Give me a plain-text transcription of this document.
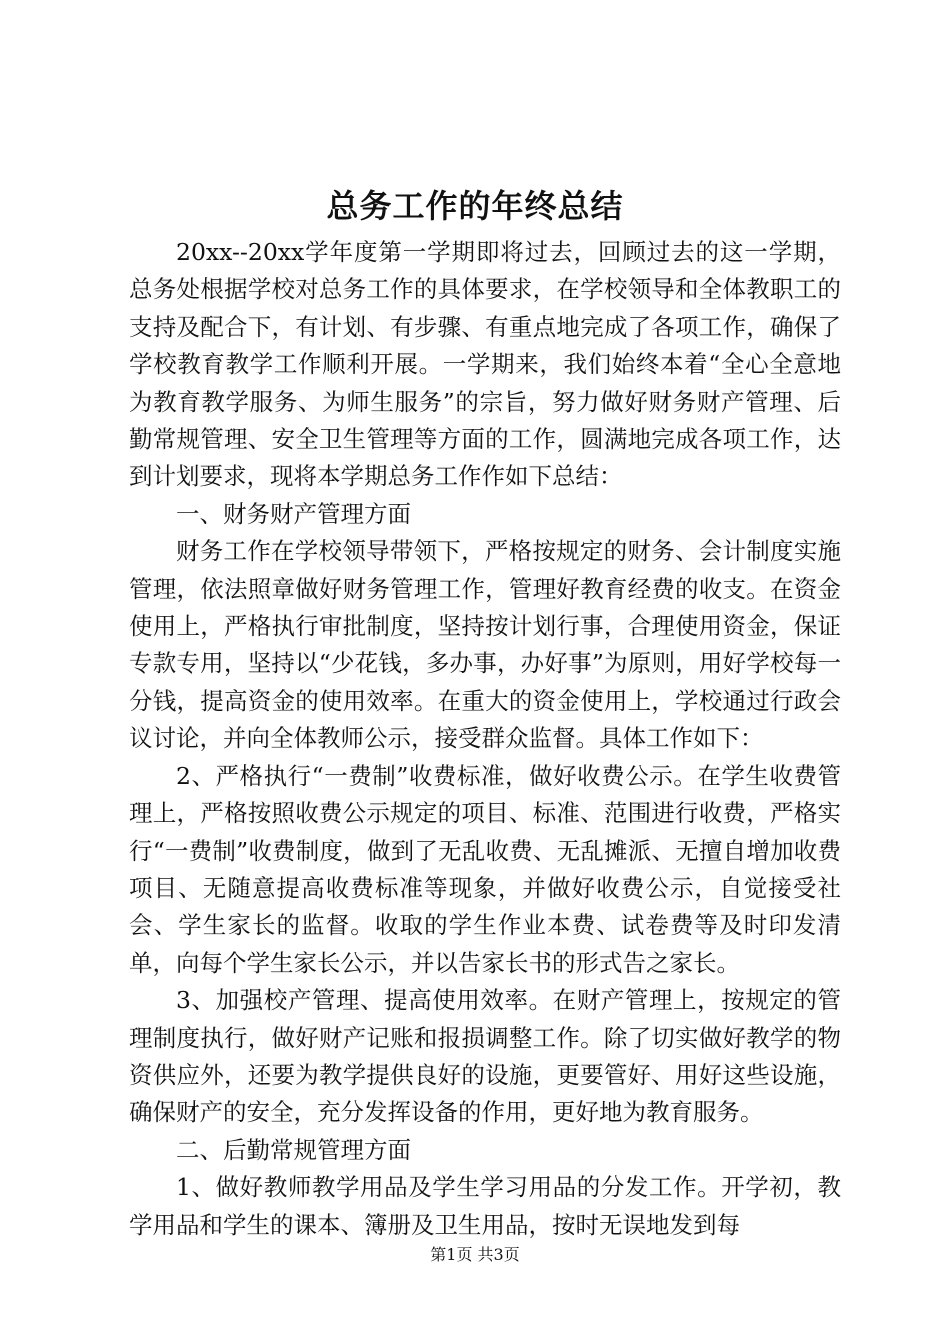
总务工作的年终总结

20xx--20xx学年度第一学期即将过去，回顾过去的这一学期，总务处根据学校对总务工作的具体要求，在学校领导和全体教职工的支持及配合下，有计划、有步骤、有重点地完成了各项工作，确保了学校教育教学工作顺利开展。一学期来，我们始终本着“全心全意地为教育教学服务、为师生服务”的宗旨，努力做好财务财产管理、后勤常规管理、安全卫生管理等方面的工作，圆满地完成各项工作，达到计划要求，现将本学期总务工作作如下总结：

一、财务财产管理方面

财务工作在学校领导带领下，严格按规定的财务、会计制度实施管理，依法照章做好财务管理工作，管理好教育经费的收支。在资金使用上，严格执行审批制度，坚持按计划行事，合理使用资金，保证专款专用，坚持以“少花钱，多办事，办好事”为原则，用好学校每一分钱，提高资金的使用效率。在重大的资金使用上，学校通过行政会议讨论，并向全体教师公示，接受群众监督。具体工作如下：

2、严格执行“一费制”收费标准，做好收费公示。在学生收费管理上，严格按照收费公示规定的项目、标准、范围进行收费，严格实行“一费制”收费制度，做到了无乱收费、无乱摊派、无擅自增加收费项目、无随意提高收费标准等现象，并做好收费公示，自觉接受社会、学生家长的监督。收取的学生作业本费、试卷费等及时印发清单，向每个学生家长公示，并以告家长书的形式告之家长。

3、加强校产管理、提高使用效率。在财产管理上，按规定的管理制度执行，做好财产记账和报损调整工作。除了切实做好教学的物资供应外，还要为教学提供良好的设施，更要管好、用好这些设施，确保财产的安全，充分发挥设备的作用，更好地为教育服务。

二、后勤常规管理方面

1、做好教师教学用品及学生学习用品的分发工作。开学初，教学用品和学生的课本、簿册及卫生用品，按时无误地发到每

第1页 共3页
